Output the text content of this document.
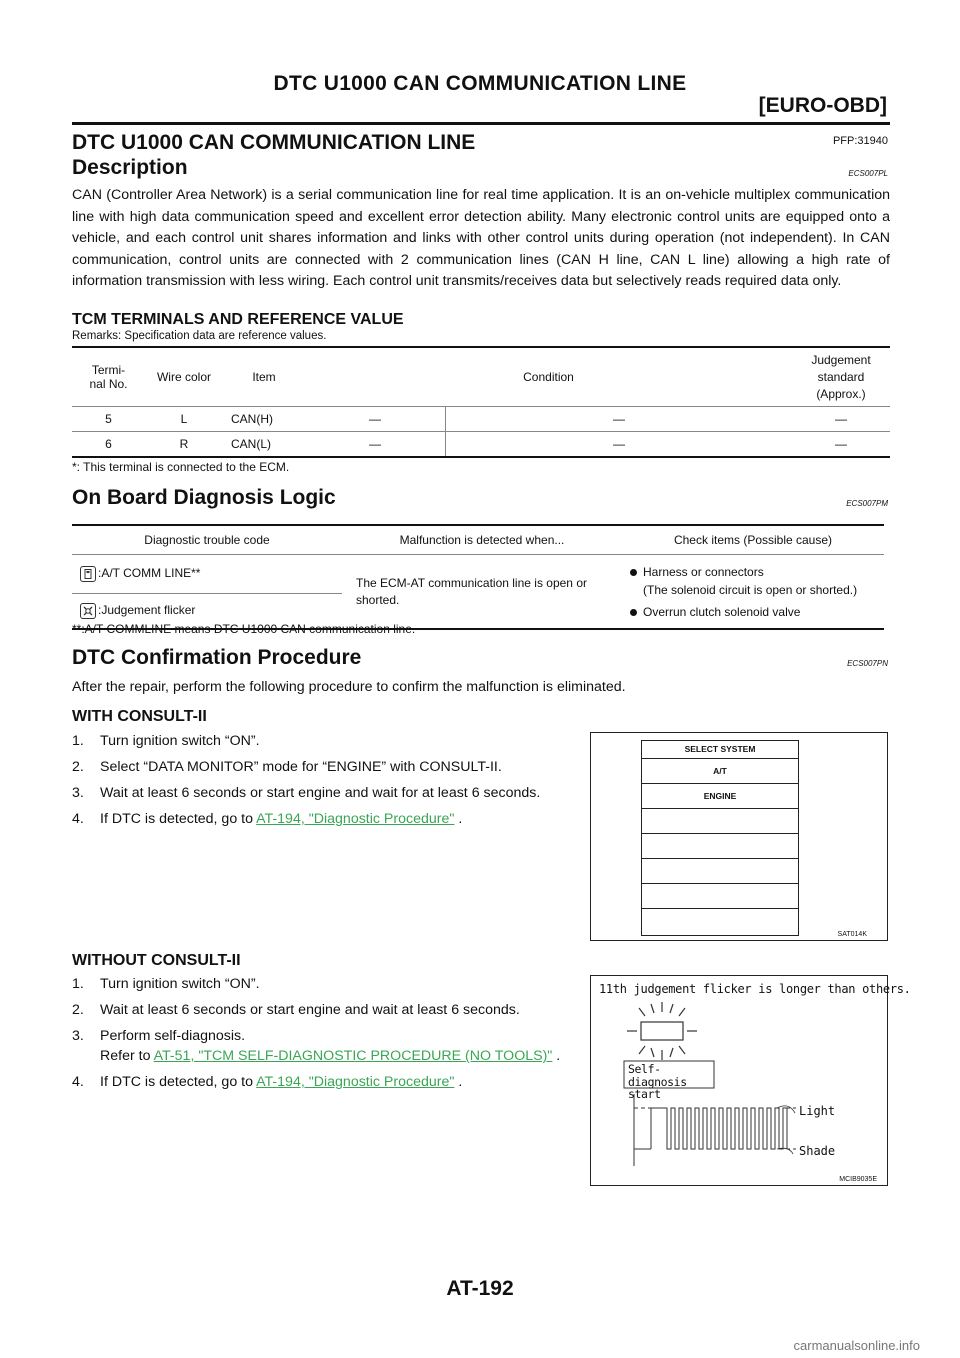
DTC U1000 CAN COMMUNICATION LINE
[EURO-OBD]
DTC U1000 CAN COMMUNICATION LINE	PFP:31940
Description	ECS007PL
CAN (Controller Area Network) is a serial communication line for real time application. It is an on-vehicle multiplex communication line with high data communication speed and excellent error detection ability. Many electronic control units are equipped onto a vehicle, and each control unit shares information and links with other control units during operation (not independent). In CAN communication, control units are connected with 2 communication lines (CAN H line, CAN L line) allowing a high rate of information transmission with less wiring. Each control unit transmits/receives data but selectively reads required data only.
TCM TERMINALS AND REFERENCE VALUE
Remarks: Specification data are reference values.
Termi-
nal No.	Wire color	Item	Condition		Judgement standard (Approx.)
5	L	CAN(H)	—	—	—
6	R	CAN(L)	—	—	—
*: This terminal is connected to the ECM.
On Board Diagnosis Logic	ECS007PM
Diagnostic trouble code	Malfunction is detected when...	Check items (Possible cause)

:A/T COMM LINE**	The ECM-AT communication line is open or shorted.	Harness or connectors
(The solenoid circuit is open or shorted.)
Overrun clutch solenoid valve

:Judgement flicker		
**:A/T COMMLINE means DTC U1000 CAN communication line.
DTC Confirmation Procedure	ECS007PN
After the repair, perform the following procedure to confirm the malfunction is eliminated.
WITH CONSULT-II
1. Turn ignition switch “ON”.
2. Select “DATA MONITOR” mode for “ENGINE” with CONSULT-II.
3. Wait at least 6 seconds or start engine and wait for at least 6 seconds.
4. If DTC is detected, go to AT-194, "Diagnostic Procedure" .
SELECT SYSTEM
A/T
ENGINE
SAT014K
WITHOUT CONSULT-II
1. Turn ignition switch “ON”.
2. Wait at least 6 seconds or start engine and wait at least 6 seconds.
3. Perform self-diagnosis.
Refer to AT-51, "TCM SELF-DIAGNOSTIC PROCEDURE (NO TOOLS)" .
4. If DTC is detected, go to AT-194, "Diagnostic Procedure" .
11th judgement flicker is longer than others.
Self-diagnosis start
Light
Shade
MCIB9035E
AT-192
carmanualsonline.info
